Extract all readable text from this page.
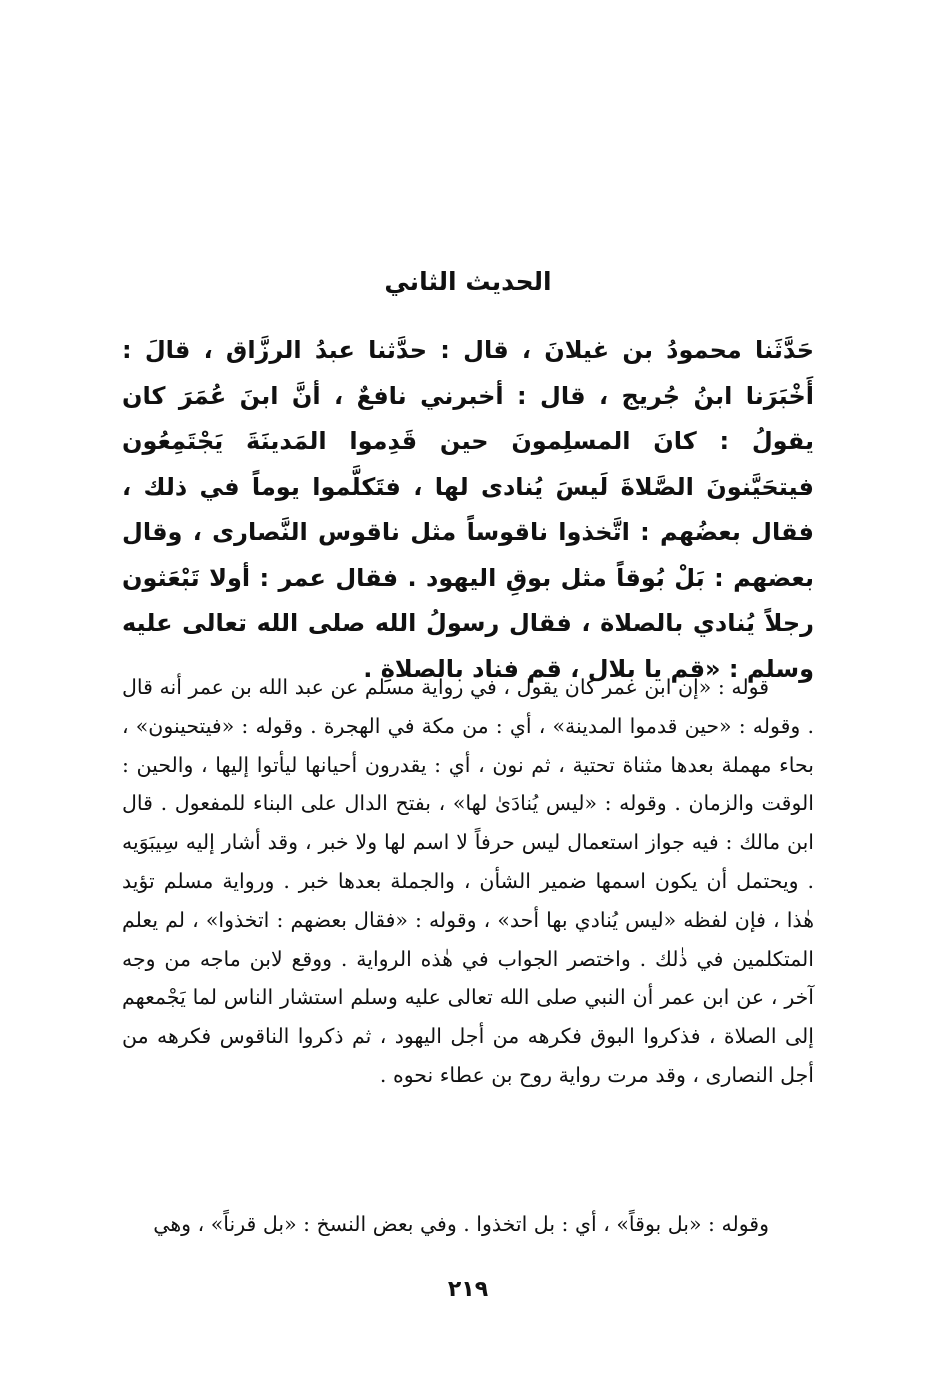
الحديث الثاني

حَدَّثَنا محمودُ بن غيلانَ ، قال : حدَّثنا عبدُ الرزَّاق ، قالَ : أَخْبَرَنا ابنُ جُريج ، قال : أخبرني نافعٌ ، أنَّ ابنَ عُمَرَ كان يقولُ : كانَ المسلِمونَ حين قَدِموا المَدينَةَ يَجْتَمِعُون فيتحَيَّنونَ الصَّلاةَ لَيسَ يُنادى لها ، فتَكلَّموا يوماً في ذلك ، فقال بعضُهم : اتَّخذوا ناقوساً مثل ناقوس النَّصارى ، وقال بعضهم : بَلْ بُوقاً مثل بوقِ اليهود . فقال عمر : أولا تَبْعَثون رجلاً يُنادي بالصلاة ، فقال رسولُ الله صلى الله تعالى عليه وسلم : «قم يا بلال ، قم فناد بالصلاةِ .

قوله : «إن ابن عمر كان يقول ، في رواية مسلم عن عبد الله بن عمر أنه قال . وقوله : «حين قدموا المدينة» ، أي : من مكة في الهجرة . وقوله : «فيتحينون» ، بحاء مهملة بعدها مثناة تحتية ، ثم نون ، أي : يقدرون أحيانها ليأتوا إليها ، والحين : الوقت والزمان . وقوله : «ليس يُنادَىٰ لها» ، بفتح الدال على البناء للمفعول . قال ابن مالك : فيه جواز استعمال ليس حرفاً لا اسم لها ولا خبر ، وقد أشار إليه سِيبَوَيه . ويحتمل أن يكون اسمها ضمير الشأن ، والجملة بعدها خبر . ورواية مسلم تؤيد هٰذا ، فإن لفظه «ليس يُنادي بها أحد» ، وقوله : «فقال بعضهم : اتخذوا» ، لم يعلم المتكلمين في ذٰلك . واختصر الجواب في هٰذه الرواية . ووقع لابن ماجه من وجه آخر ، عن ابن عمر أن النبي صلى الله تعالى عليه وسلم استشار الناس لما يَجْمعهم إلى الصلاة ، فذكروا البوق فكرهه من أجل اليهود ، ثم ذكروا الناقوس فكرهه من أجل النصارى ، وقد مرت رواية روح بن عطاء نحوه .

وقوله : «بل بوقاً» ، أي : بل اتخذوا . وفي بعض النسخ : «بل قرناً» ، وهي

٢١٩
